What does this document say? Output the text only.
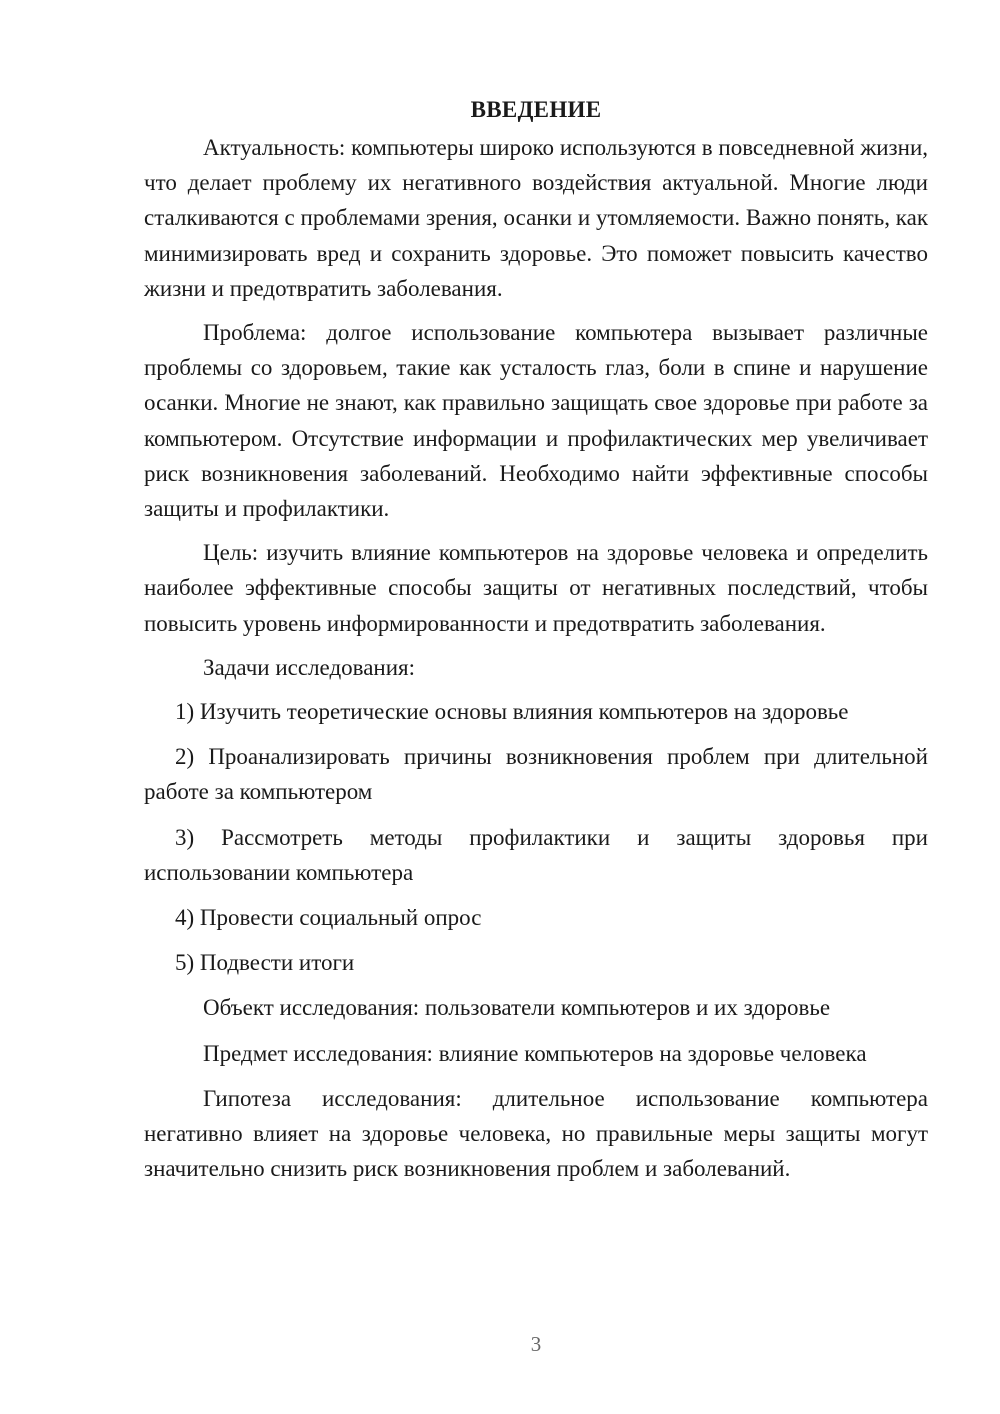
ВВЕДЕНИЕ

Актуальность: компьютеры широко используются в повседневной жизни, что делает проблему их негативного воздействия актуальной. Многие люди сталкиваются с проблемами зрения, осанки и утомляемости. Важно понять, как минимизировать вред и сохранить здоровье. Это поможет повысить качество жизни и предотвратить заболевания.

Проблема: долгое использование компьютера вызывает различные проблемы со здоровьем, такие как усталость глаз, боли в спине и нарушение осанки. Многие не знают, как правильно защищать свое здоровье при работе за компьютером. Отсутствие информации и профилактических мер увеличивает риск возникновения заболеваний. Необходимо найти эффективные способы защиты и профилактики.

Цель: изучить влияние компьютеров на здоровье человека и определить наиболее эффективные способы защиты от негативных последствий, чтобы повысить уровень информированности и предотвратить заболевания.

Задачи исследования:

1) Изучить теоретические основы влияния компьютеров на здоровье

2) Проанализировать причины возникновения проблем при длительной работе за компьютером

3) Рассмотреть методы профилактики и защиты здоровья при использовании компьютера

4) Провести социальный опрос

5) Подвести итоги

Объект исследования: пользователи компьютеров и их здоровье

Предмет исследования: влияние компьютеров на здоровье человека

Гипотеза исследования: длительное использование компьютера негативно влияет на здоровье человека, но правильные меры защиты могут значительно снизить риск возникновения проблем и заболеваний.

3
